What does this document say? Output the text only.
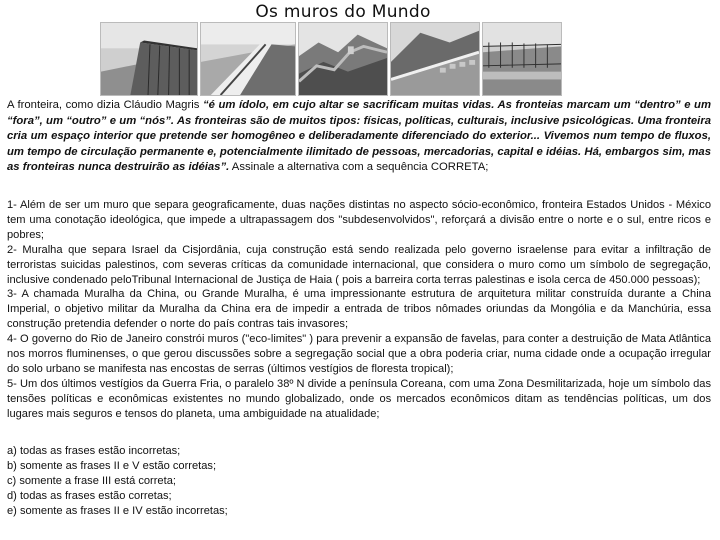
Os muros do Mundo

A fronteira, como dizia Cláudio Magris “é um ídolo, em cujo altar se sacrificam muitas vidas. As fronteias marcam um “dentro” e um “fora”, um “outro” e um “nós”. As fronteiras são de muitos tipos: físicas, políticas, culturais, inclusive psicológicas. Uma fronteira cria um espaço interior que pretende ser homogêneo e deliberadamente diferenciado do exterior... Vivemos num tempo de fluxos, um tempo de circulação permanente e, potencialmente ilimitado de pessoas, mercadorias, capital e idéias. Há, embargos sim, mas as fronteiras nunca destruirão as idéias”. Assinale a alternativa com a sequência CORRETA;

1- Além de ser um muro que separa geograficamente, duas nações distintas no aspecto sócio-econômico, fronteira Estados Unidos - México tem uma conotação ideológica, que impede a ultrapassagem dos "subdesenvolvidos", reforçará a divisão entre o norte e o sul, entre ricos e pobres;

2- Muralha que separa Israel da Cisjordânia, cuja construção está sendo realizada pelo governo israelense para evitar a infiltração de terroristas suicidas palestinos, com severas críticas da comunidade internacional, que considera o muro como um símbolo de segregação, inclusive condenado peloTribunal Internacional de Justiça de Haia ( pois a barreira corta terras palestinas e isola cerca de 450.000 pessoas);

3- A chamada Muralha da China, ou Grande Muralha, é uma impressionante estrutura de arquitetura militar construída durante a China Imperial, o objetivo militar da Muralha da China era de impedir a entrada de tribos nômades oriundas da Mongólia e da Manchúria, essa construção pretendia defender o norte do país contras tais invasores;

4- O governo do Rio de Janeiro constrói muros ("eco-limites" ) para prevenir a expansão de favelas, para conter a destruição de Mata Atlântica nos morros fluminenses, o que gerou discussões sobre a segregação social que a obra poderia criar, numa cidade onde a ocupação irregular do solo urbano se manifesta nas encostas de serras (últimos vestígios de floresta tropical);

5- Um dos últimos vestígios da Guerra Fria, o paralelo 38º N divide a península Coreana, com uma Zona Desmilitarizada, hoje um símbolo das tensões políticas e econômicas existentes no mundo globalizado, onde os mercados econômicos ditam as tendências políticas, um dos lugares mais seguros e tensos do planeta, uma ambiguidade na atualidade;

a) todas as frases estão incorretas;
b) somente as frases II e V estão corretas;
c) somente a frase III está correta;
d) todas as frases estão corretas;
e) somente as frases II e IV estão incorretas;
